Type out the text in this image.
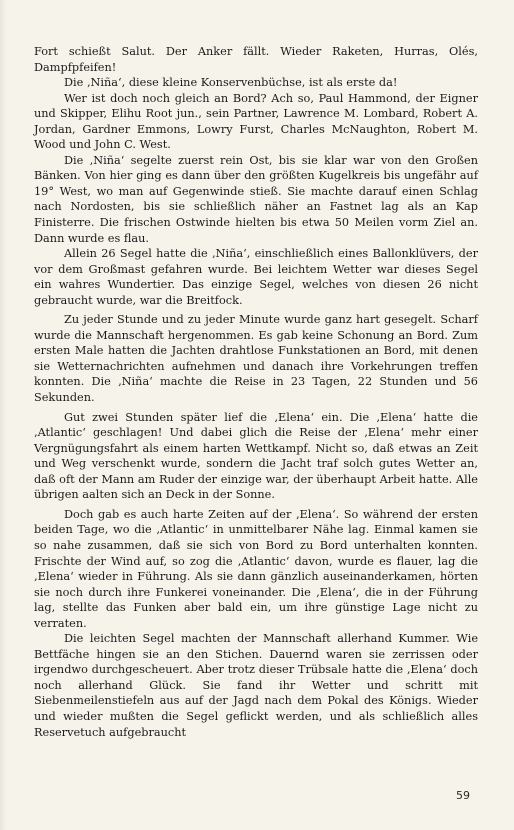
Fort schießt Salut. Der Anker fällt. Wieder Raketen, Hurras, Olés, Dampfpfeifen!

Die ‚Niña‘, diese kleine Konservenbüchse, ist als erste da!

Wer ist doch noch gleich an Bord? Ach so, Paul Hammond, der Eigner und Skipper, Elihu Root jun., sein Partner, Lawrence M. Lombard, Robert A. Jordan, Gardner Emmons, Lowry Furst, Charles McNaughton, Robert M. Wood und John C. West.

Die ‚Niña‘ segelte zuerst rein Ost, bis sie klar war von den Großen Bänken. Von hier ging es dann über den größten Kugelkreis bis ungefähr auf 19° West, wo man auf Gegenwinde stieß. Sie machte darauf einen Schlag nach Nordosten, bis sie schließlich näher an Fastnet lag als an Kap Finisterre. Die frischen Ostwinde hielten bis etwa 50 Meilen vorm Ziel an. Dann wurde es flau.

Allein 26 Segel hatte die ‚Niña‘, einschließlich eines Ballonklüvers, der vor dem Großmast gefahren wurde. Bei leichtem Wetter war dieses Segel ein wahres Wundertier. Das einzige Segel, welches von diesen 26 nicht gebraucht wurde, war die Breitfock.

Zu jeder Stunde und zu jeder Minute wurde ganz hart gesegelt. Scharf wurde die Mannschaft hergenommen. Es gab keine Schonung an Bord. Zum ersten Male hatten die Jachten drahtlose Funkstationen an Bord, mit denen sie Wetternachrichten aufnehmen und danach ihre Vorkehrungen treffen konnten. Die ‚Niña‘ machte die Reise in 23 Tagen, 22 Stunden und 56 Sekunden.

Gut zwei Stunden später lief die ‚Elena‘ ein. Die ‚Elena‘ hatte die ‚Atlantic‘ geschlagen! Und dabei glich die Reise der ‚Elena‘ mehr einer Vergnügungsfahrt als einem harten Wettkampf. Nicht so, daß etwas an Zeit und Weg verschenkt wurde, sondern die Jacht traf solch gutes Wetter an, daß oft der Mann am Ruder der einzige war, der überhaupt Arbeit hatte. Alle übrigen aalten sich an Deck in der Sonne.

Doch gab es auch harte Zeiten auf der ‚Elena‘. So während der ersten beiden Tage, wo die ‚Atlantic‘ in unmittelbarer Nähe lag. Einmal kamen sie so nahe zusammen, daß sie sich von Bord zu Bord unterhalten konnten. Frischte der Wind auf, so zog die ‚Atlantic‘ davon, wurde es flauer, lag die ‚Elena‘ wieder in Führung. Als sie dann gänzlich auseinanderkamen, hörten sie noch durch ihre Funkerei voneinander. Die ‚Elena‘, die in der Führung lag, stellte das Funken aber bald ein, um ihre günstige Lage nicht zu verraten.

Die leichten Segel machten der Mannschaft allerhand Kummer. Wie Bettfäche hingen sie an den Stichen. Dauernd waren sie zerrissen oder irgendwo durchgescheuert. Aber trotz dieser Trübsale hatte die ‚Elena‘ doch noch allerhand Glück. Sie fand ihr Wetter und schritt mit Siebenmeilenstiefeln aus auf der Jagd nach dem Pokal des Königs. Wieder und wieder mußten die Segel geflickt werden, und als schließlich alles Reservetuch aufgebraucht

59
